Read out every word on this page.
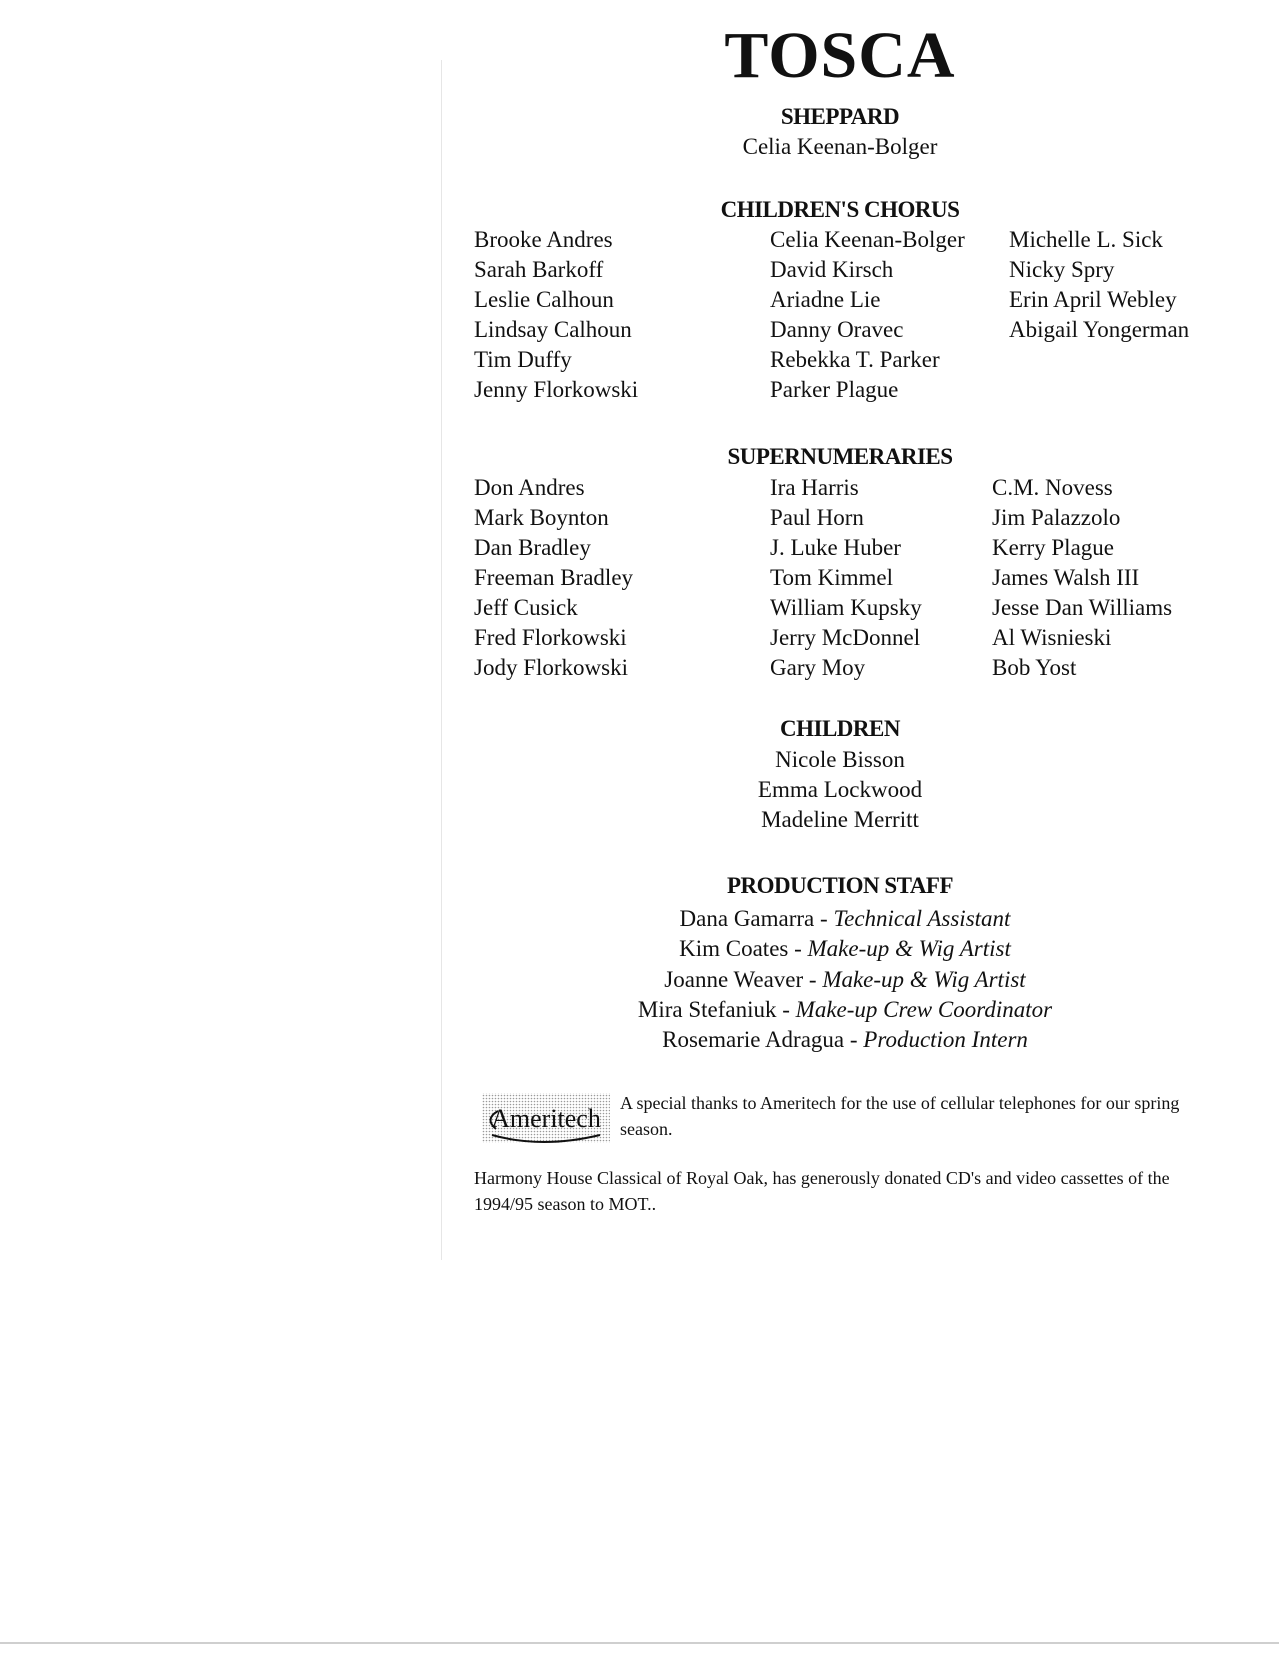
TOSCA
SHEPPARD
Celia Keenan-Bolger
CHILDREN'S CHORUS
Brooke Andres
Sarah Barkoff
Leslie Calhoun
Lindsay Calhoun
Tim Duffy
Jenny Florkowski
Celia Keenan-Bolger
David Kirsch
Ariadne Lie
Danny Oravec
Rebekka T. Parker
Parker Plague
Michelle L. Sick
Nicky Spry
Erin April Webley
Abigail Yongerman
SUPERNUMERARIES
Don Andres
Mark Boynton
Dan Bradley
Freeman Bradley
Jeff Cusick
Fred Florkowski
Jody Florkowski
Ira Harris
Paul Horn
J. Luke Huber
Tom Kimmel
William Kupsky
Jerry McDonnel
Gary Moy
C.M. Novess
Jim Palazzolo
Kerry Plague
James Walsh III
Jesse Dan Williams
Al Wisnieski
Bob Yost
CHILDREN
Nicole Bisson
Emma Lockwood
Madeline Merritt
PRODUCTION STAFF
Dana Gamarra - Technical Assistant
Kim Coates - Make-up & Wig Artist
Joanne Weaver - Make-up & Wig Artist
Mira Stefaniuk - Make-up Crew Coordinator
Rosemarie Adragua - Production Intern
Ameritech
A special thanks to Ameritech for the use of cellular telephones for our spring season.
Harmony House Classical of Royal Oak, has generously donated CD's and video cassettes of the 1994/95 season to MOT..
